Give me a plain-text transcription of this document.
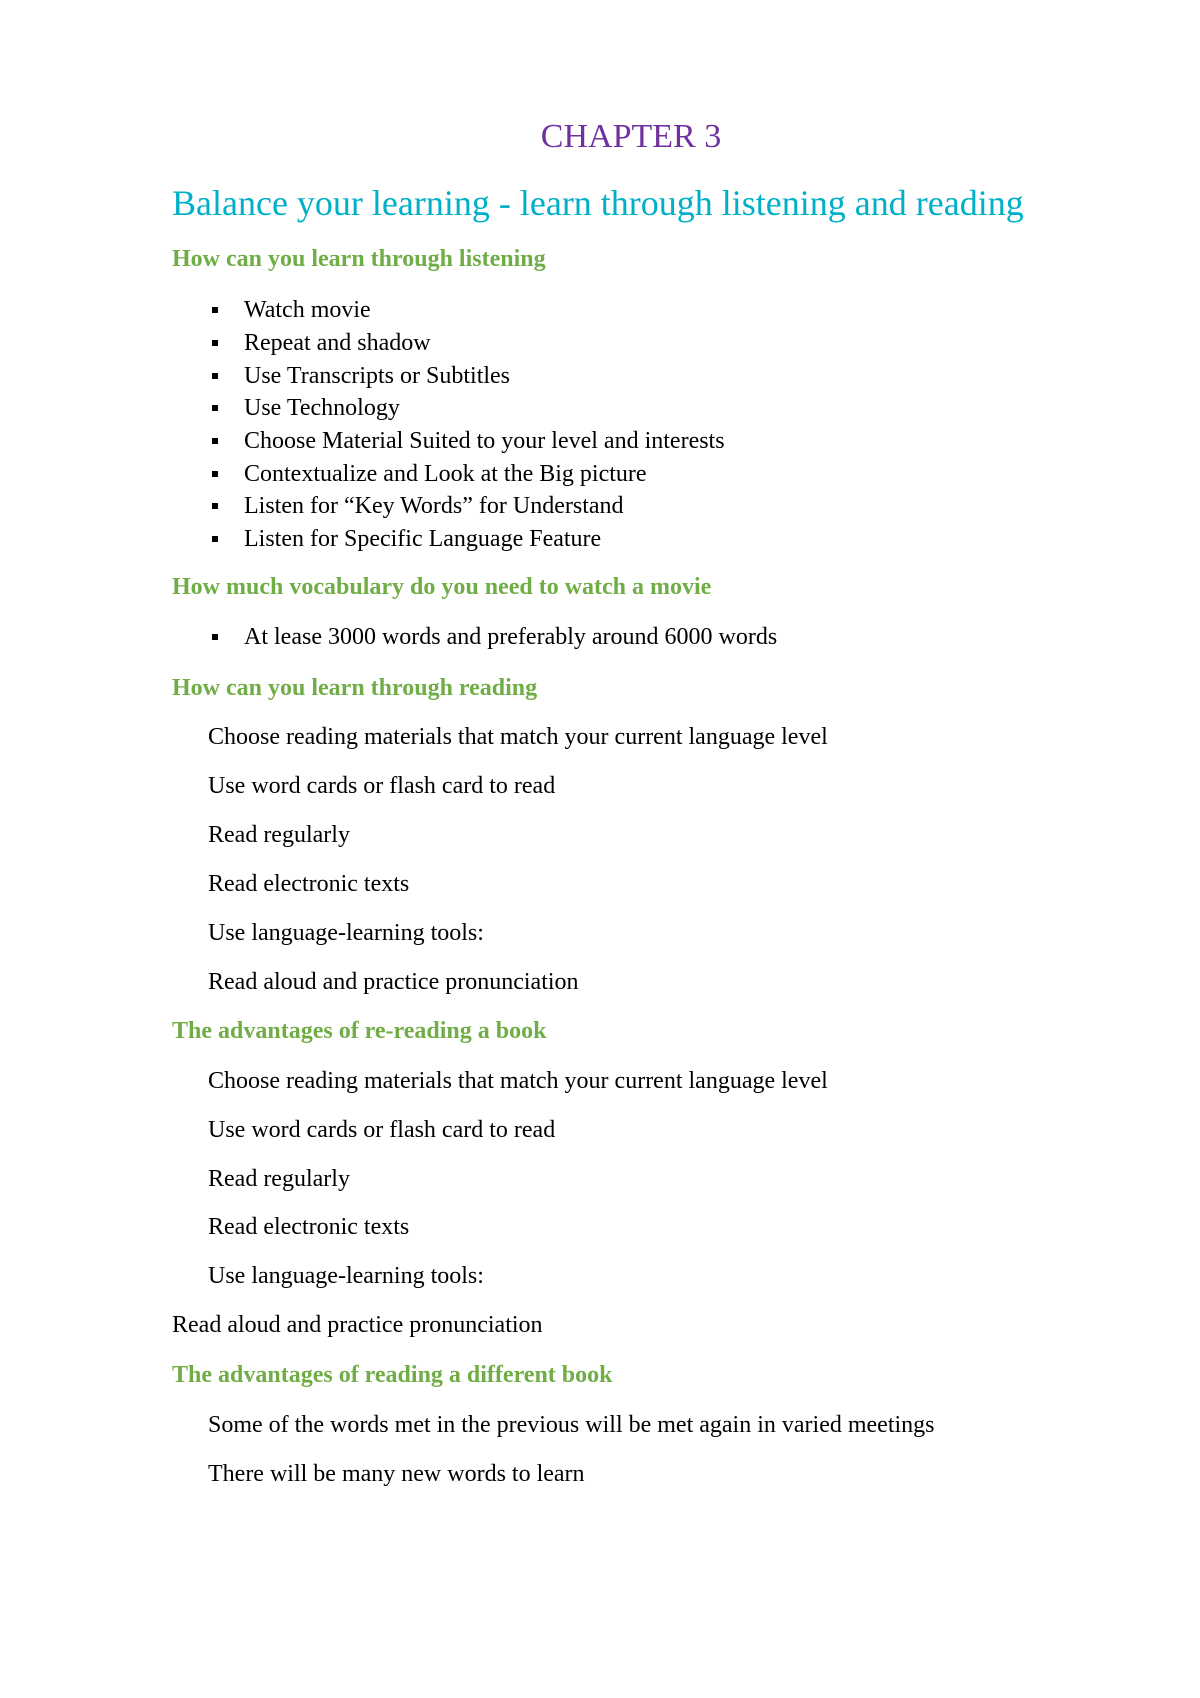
CHAPTER 3
Balance your learning - learn through listening and reading
How can you learn through listening
Watch movie
Repeat and shadow
Use Transcripts or Subtitles
Use Technology
Choose Material Suited to your level and interests
Contextualize and Look at the Big picture
Listen for “Key Words” for Understand
Listen for Specific Language Feature
How much vocabulary do you need to watch a movie
At lease 3000 words and preferably around 6000 words
How can you learn through reading
Choose reading materials that match your current language level
Use word cards or flash card to read
Read regularly
Read electronic texts
Use language-learning tools:
Read aloud and practice pronunciation
The advantages of re-reading a book
Choose reading materials that match your current language level
Use word cards or flash card to read
Read regularly
Read electronic texts
Use language-learning tools:
Read aloud and practice pronunciation
The advantages of reading a different book
Some of the words met in the previous will be met again in varied meetings
There will be many new words to learn
